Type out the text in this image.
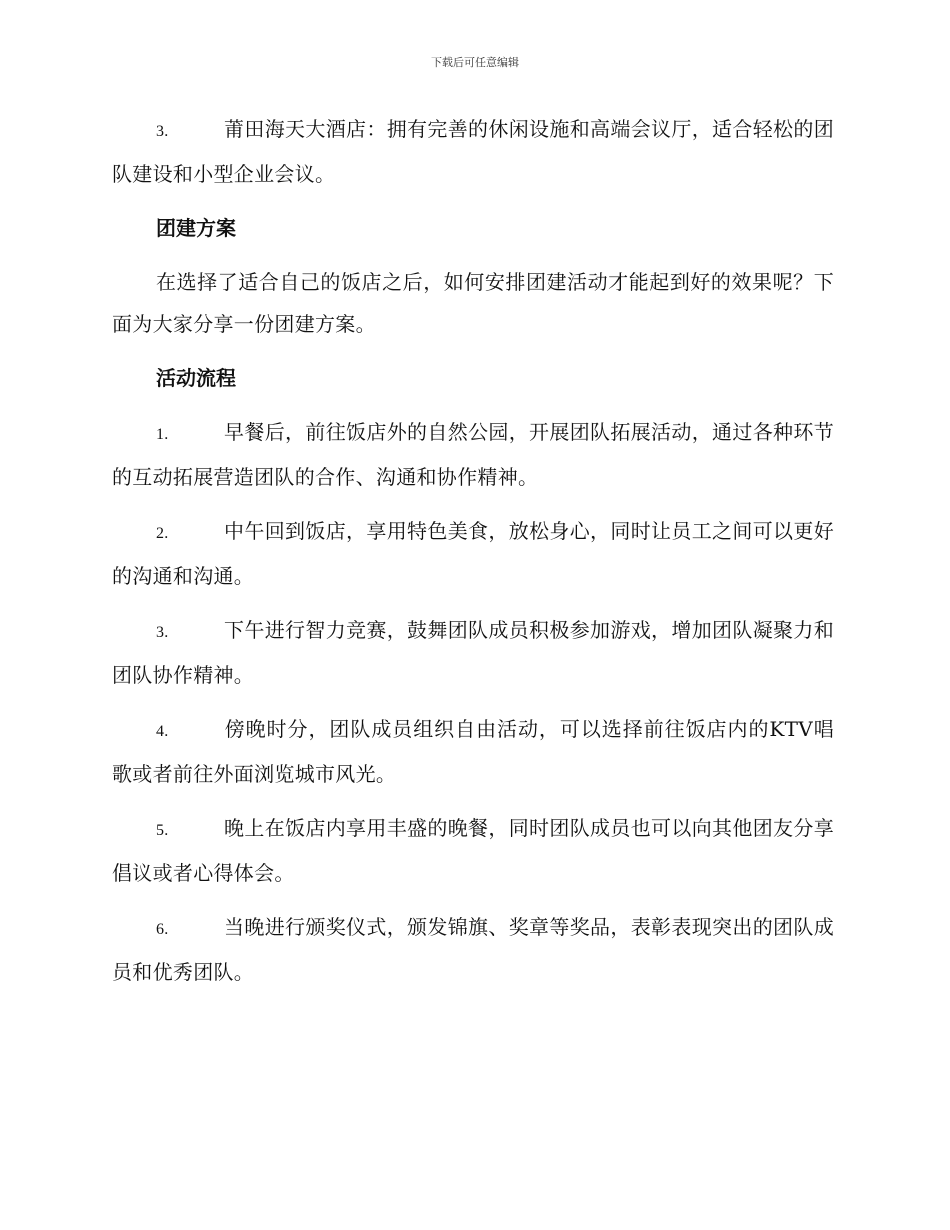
下载后可任意编辑

3.	莆田海天大酒店：拥有完善的休闲设施和高端会议厅，适合轻松的团队建设和小型企业会议。

团建方案

在选择了适合自己的饭店之后，如何安排团建活动才能起到好的效果呢？下面为大家分享一份团建方案。

活动流程

1.	早餐后，前往饭店外的自然公园，开展团队拓展活动，通过各种环节的互动拓展营造团队的合作、沟通和协作精神。

2.	中午回到饭店，享用特色美食，放松身心，同时让员工之间可以更好的沟通和沟通。

3.	下午进行智力竞赛，鼓舞团队成员积极参加游戏，增加团队凝聚力和团队协作精神。

4.	傍晚时分，团队成员组织自由活动，可以选择前往饭店内的KTV唱歌或者前往外面浏览城市风光。

5.	晚上在饭店内享用丰盛的晚餐，同时团队成员也可以向其他团友分享倡议或者心得体会。

6.	当晚进行颁奖仪式，颁发锦旗、奖章等奖品，表彰表现突出的团队成员和优秀团队。
